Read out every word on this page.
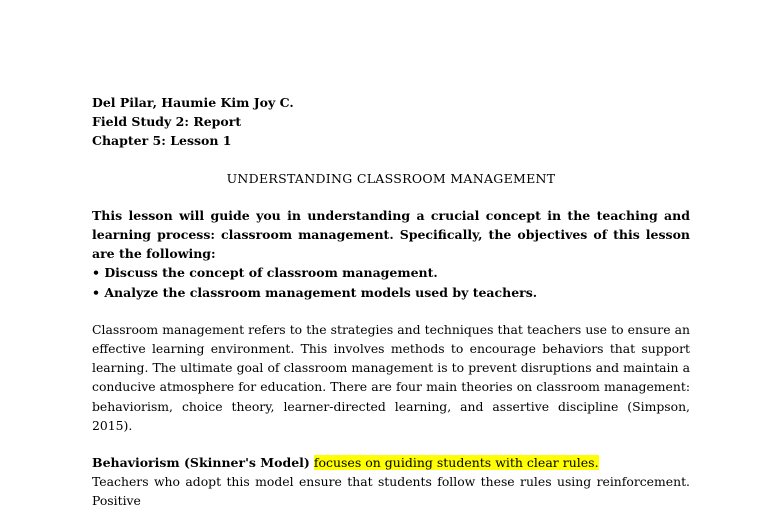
Del Pilar, Haumie Kim Joy C.
Field Study 2: Report
Chapter 5: Lesson 1
UNDERSTANDING CLASSROOM MANAGEMENT
This lesson will guide you in understanding a crucial concept in the teaching and learning process: classroom management. Specifically, the objectives of this lesson are the following:
• Discuss the concept of classroom management.
• Analyze the classroom management models used by teachers.
Classroom management refers to the strategies and techniques that teachers use to ensure an effective learning environment. This involves methods to encourage behaviors that support learning. The ultimate goal of classroom management is to prevent disruptions and maintain a conducive atmosphere for education. There are four main theories on classroom management: behaviorism, choice theory, learner-directed learning, and assertive discipline (Simpson, 2015).
Behaviorism (Skinner's Model) focuses on guiding students with clear rules.
Teachers who adopt this model ensure that students follow these rules using reinforcement. Positive
